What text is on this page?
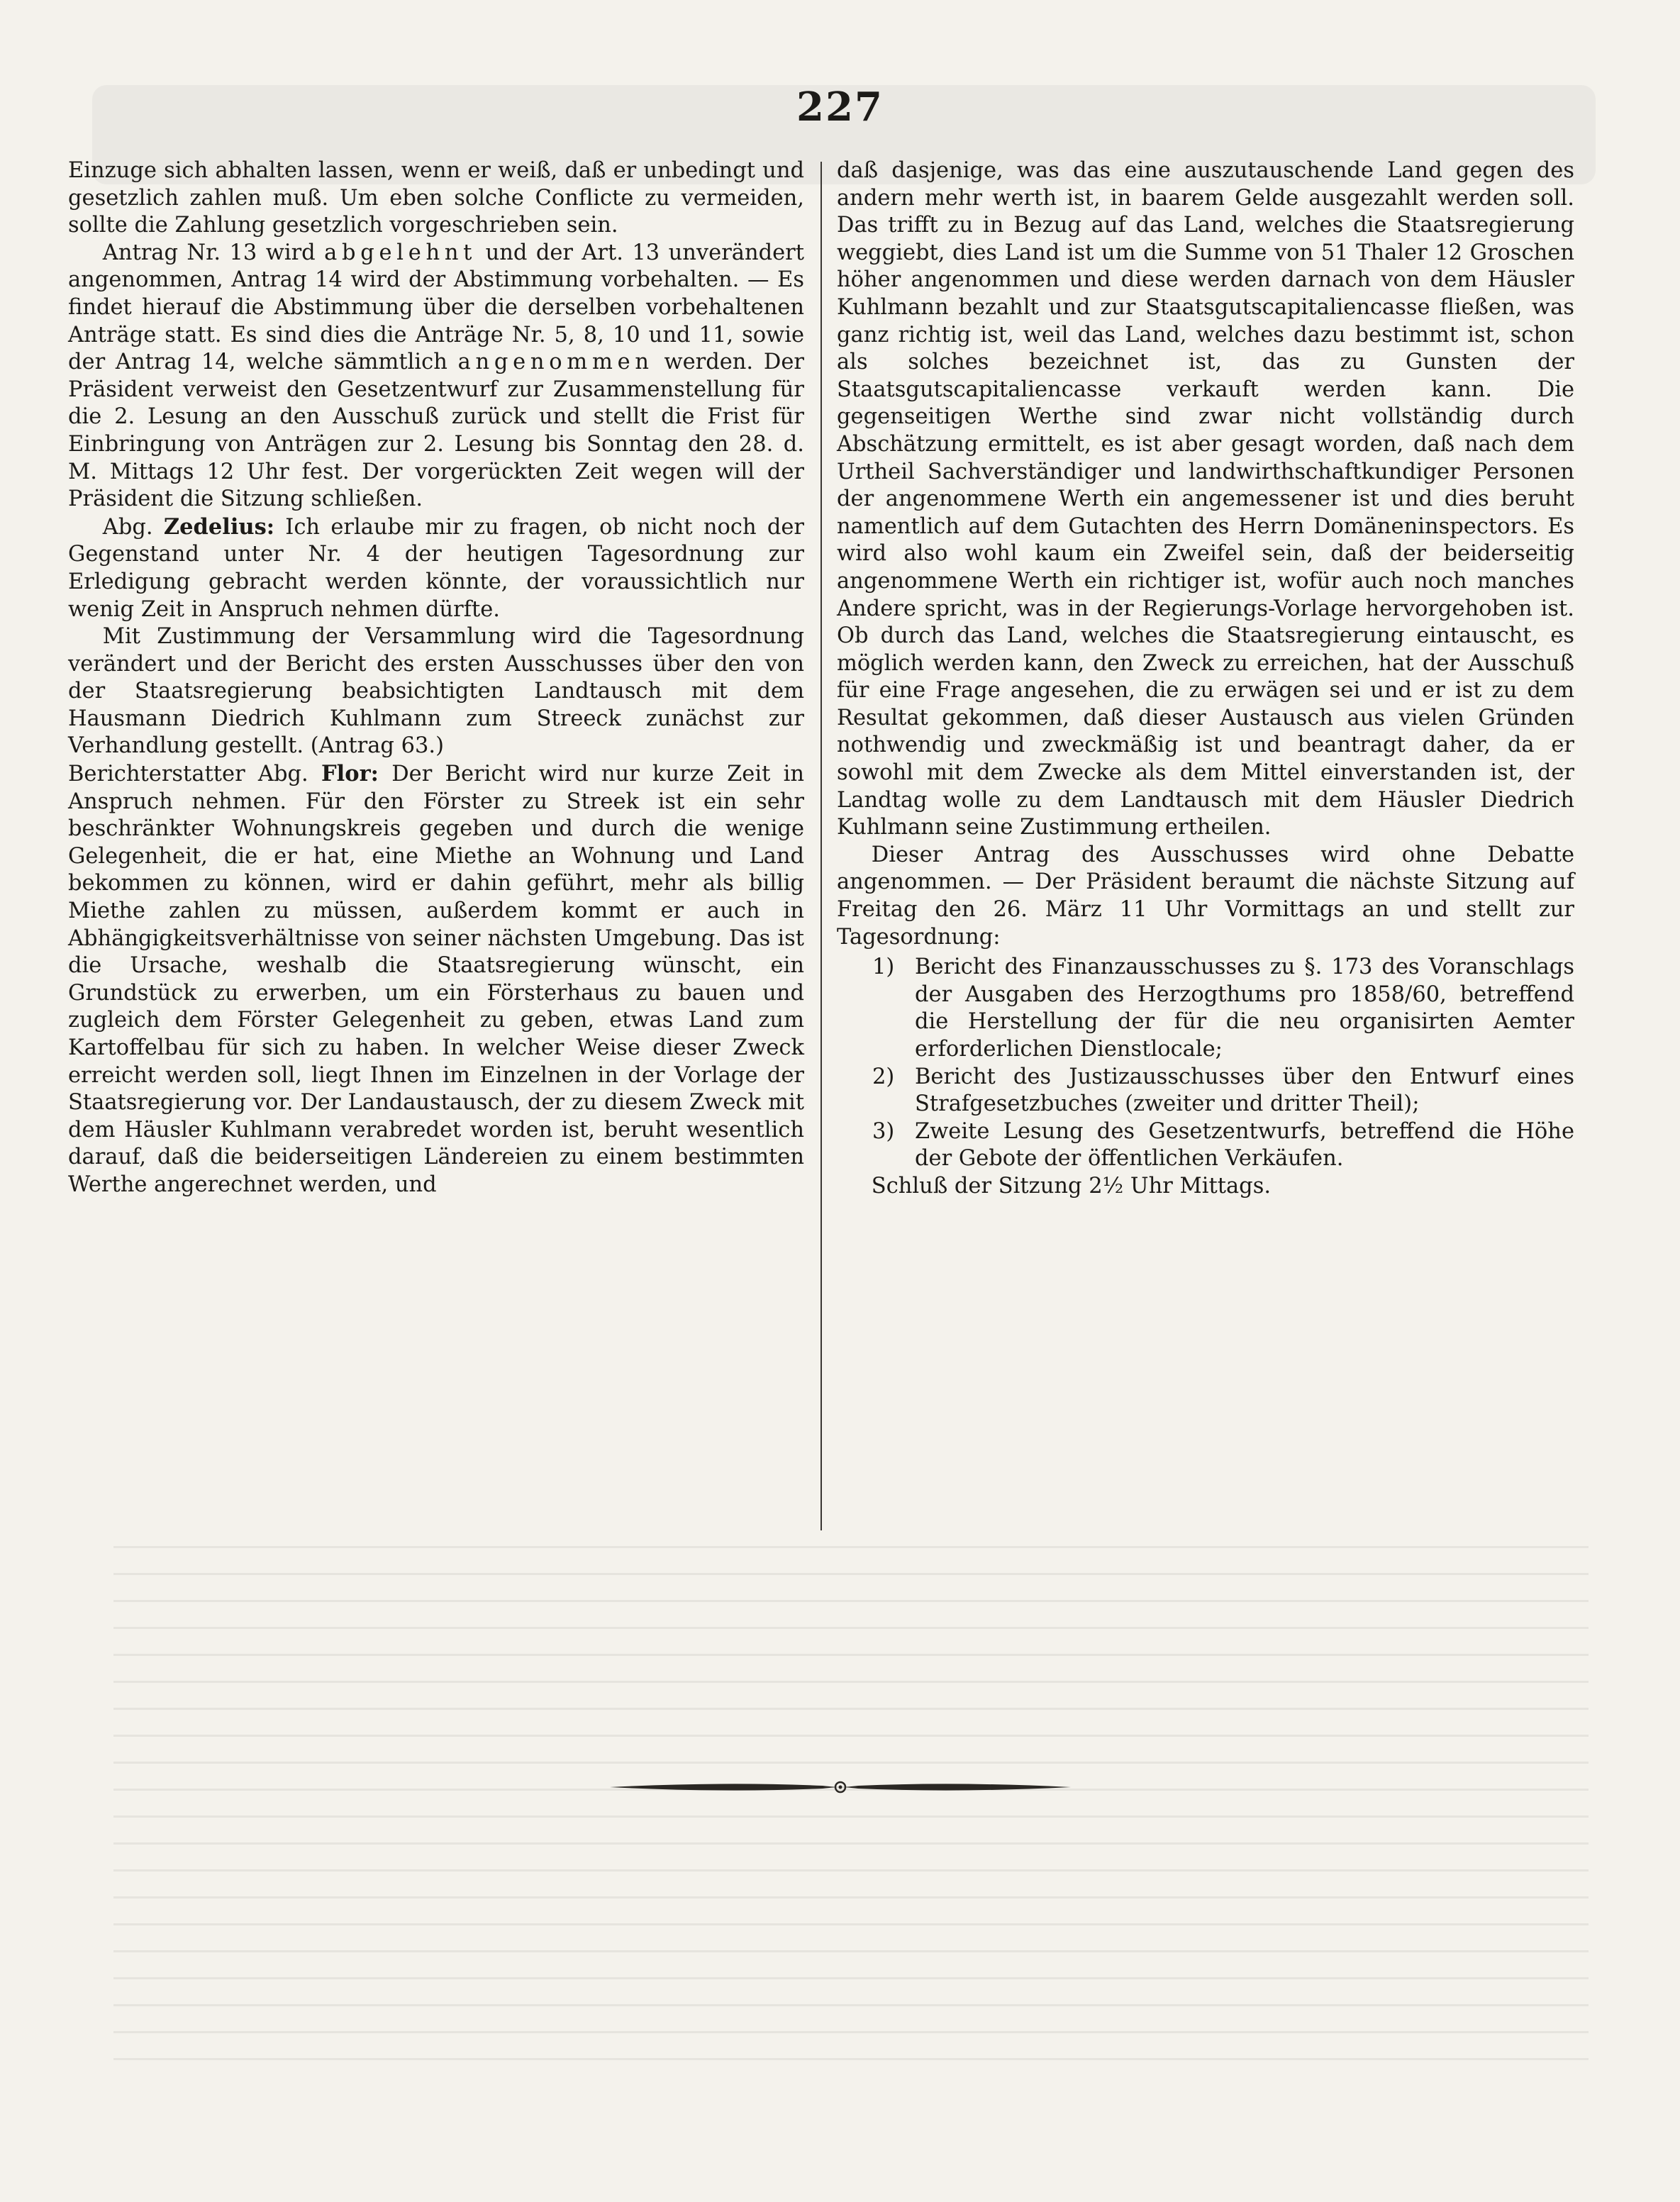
227

Einzuge sich abhalten lassen, wenn er weiß, daß er unbedingt und gesetzlich zahlen muß. Um eben solche Conflicte zu vermeiden, sollte die Zahlung gesetzlich vorgeschrieben sein.

Antrag Nr. 13 wird abgelehnt und der Art. 13 unverändert angenommen, Antrag 14 wird der Abstimmung vorbehalten. — Es findet hierauf die Abstimmung über die derselben vorbehaltenen Anträge statt. Es sind dies die Anträge Nr. 5, 8, 10 und 11, sowie der Antrag 14, welche sämmtlich angenommen werden. Der Präsident verweist den Gesetzentwurf zur Zusammenstellung für die 2. Lesung an den Ausschuß zurück und stellt die Frist für Einbringung von Anträgen zur 2. Lesung bis Sonntag den 28. d. M. Mittags 12 Uhr fest. Der vorgerückten Zeit wegen will der Präsident die Sitzung schließen.

Abg. Zedelius: Ich erlaube mir zu fragen, ob nicht noch der Gegenstand unter Nr. 4 der heutigen Tagesordnung zur Erledigung gebracht werden könnte, der voraussichtlich nur wenig Zeit in Anspruch nehmen dürfte.

Mit Zustimmung der Versammlung wird die Tagesordnung verändert und der Bericht des ersten Ausschusses über den von der Staatsregierung beabsichtigten Landtausch mit dem Hausmann Diedrich Kuhlmann zum Streeck zunächst zur Verhandlung gestellt. (Antrag 63.)

Berichterstatter Abg. Flor: Der Bericht wird nur kurze Zeit in Anspruch nehmen. Für den Förster zu Streek ist ein sehr beschränkter Wohnungskreis gegeben und durch die wenige Gelegenheit, die er hat, eine Miethe an Wohnung und Land bekommen zu können, wird er dahin geführt, mehr als billig Miethe zahlen zu müssen, außerdem kommt er auch in Abhängigkeitsverhältnisse von seiner nächsten Umgebung. Das ist die Ursache, weshalb die Staatsregierung wünscht, ein Grundstück zu erwerben, um ein Försterhaus zu bauen und zugleich dem Förster Gelegenheit zu geben, etwas Land zum Kartoffelbau für sich zu haben. In welcher Weise dieser Zweck erreicht werden soll, liegt Ihnen im Einzelnen in der Vorlage der Staatsregierung vor. Der Landaustausch, der zu diesem Zweck mit dem Häusler Kuhlmann verabredet worden ist, beruht wesentlich darauf, daß die beiderseitigen Ländereien zu einem bestimmten Werthe angerechnet werden, und

daß dasjenige, was das eine auszutauschende Land gegen des andern mehr werth ist, in baarem Gelde ausgezahlt werden soll. Das trifft zu in Bezug auf das Land, welches die Staatsregierung weggiebt, dies Land ist um die Summe von 51 Thaler 12 Groschen höher angenommen und diese werden darnach von dem Häusler Kuhlmann bezahlt und zur Staatsgutscapitaliencasse fließen, was ganz richtig ist, weil das Land, welches dazu bestimmt ist, schon als solches bezeichnet ist, das zu Gunsten der Staatsgutscapitaliencasse verkauft werden kann. Die gegenseitigen Werthe sind zwar nicht vollständig durch Abschätzung ermittelt, es ist aber gesagt worden, daß nach dem Urtheil Sachverständiger und landwirthschaftkundiger Personen der angenommene Werth ein angemessener ist und dies beruht namentlich auf dem Gutachten des Herrn Domäneninspectors. Es wird also wohl kaum ein Zweifel sein, daß der beiderseitig angenommene Werth ein richtiger ist, wofür auch noch manches Andere spricht, was in der Regierungs-Vorlage hervorgehoben ist. Ob durch das Land, welches die Staatsregierung eintauscht, es möglich werden kann, den Zweck zu erreichen, hat der Ausschuß für eine Frage angesehen, die zu erwägen sei und er ist zu dem Resultat gekommen, daß dieser Austausch aus vielen Gründen nothwendig und zweckmäßig ist und beantragt daher, da er sowohl mit dem Zwecke als dem Mittel einverstanden ist, der Landtag wolle zu dem Landtausch mit dem Häusler Diedrich Kuhlmann seine Zustimmung ertheilen.

Dieser Antrag des Ausschusses wird ohne Debatte angenommen. — Der Präsident beraumt die nächste Sitzung auf Freitag den 26. März 11 Uhr Vormittags an und stellt zur Tagesordnung:

1) Bericht des Finanzausschusses zu §. 173 des Voranschlags der Ausgaben des Herzogthums pro 1858/60, betreffend die Herstellung der für die neu organisirten Aemter erforderlichen Dienstlocale;
2) Bericht des Justizausschusses über den Entwurf eines Strafgesetzbuches (zweiter und dritter Theil);
3) Zweite Lesung des Gesetzentwurfs, betreffend die Höhe der Gebote der öffentlichen Verkäufen.

Schluß der Sitzung 2½ Uhr Mittags.
